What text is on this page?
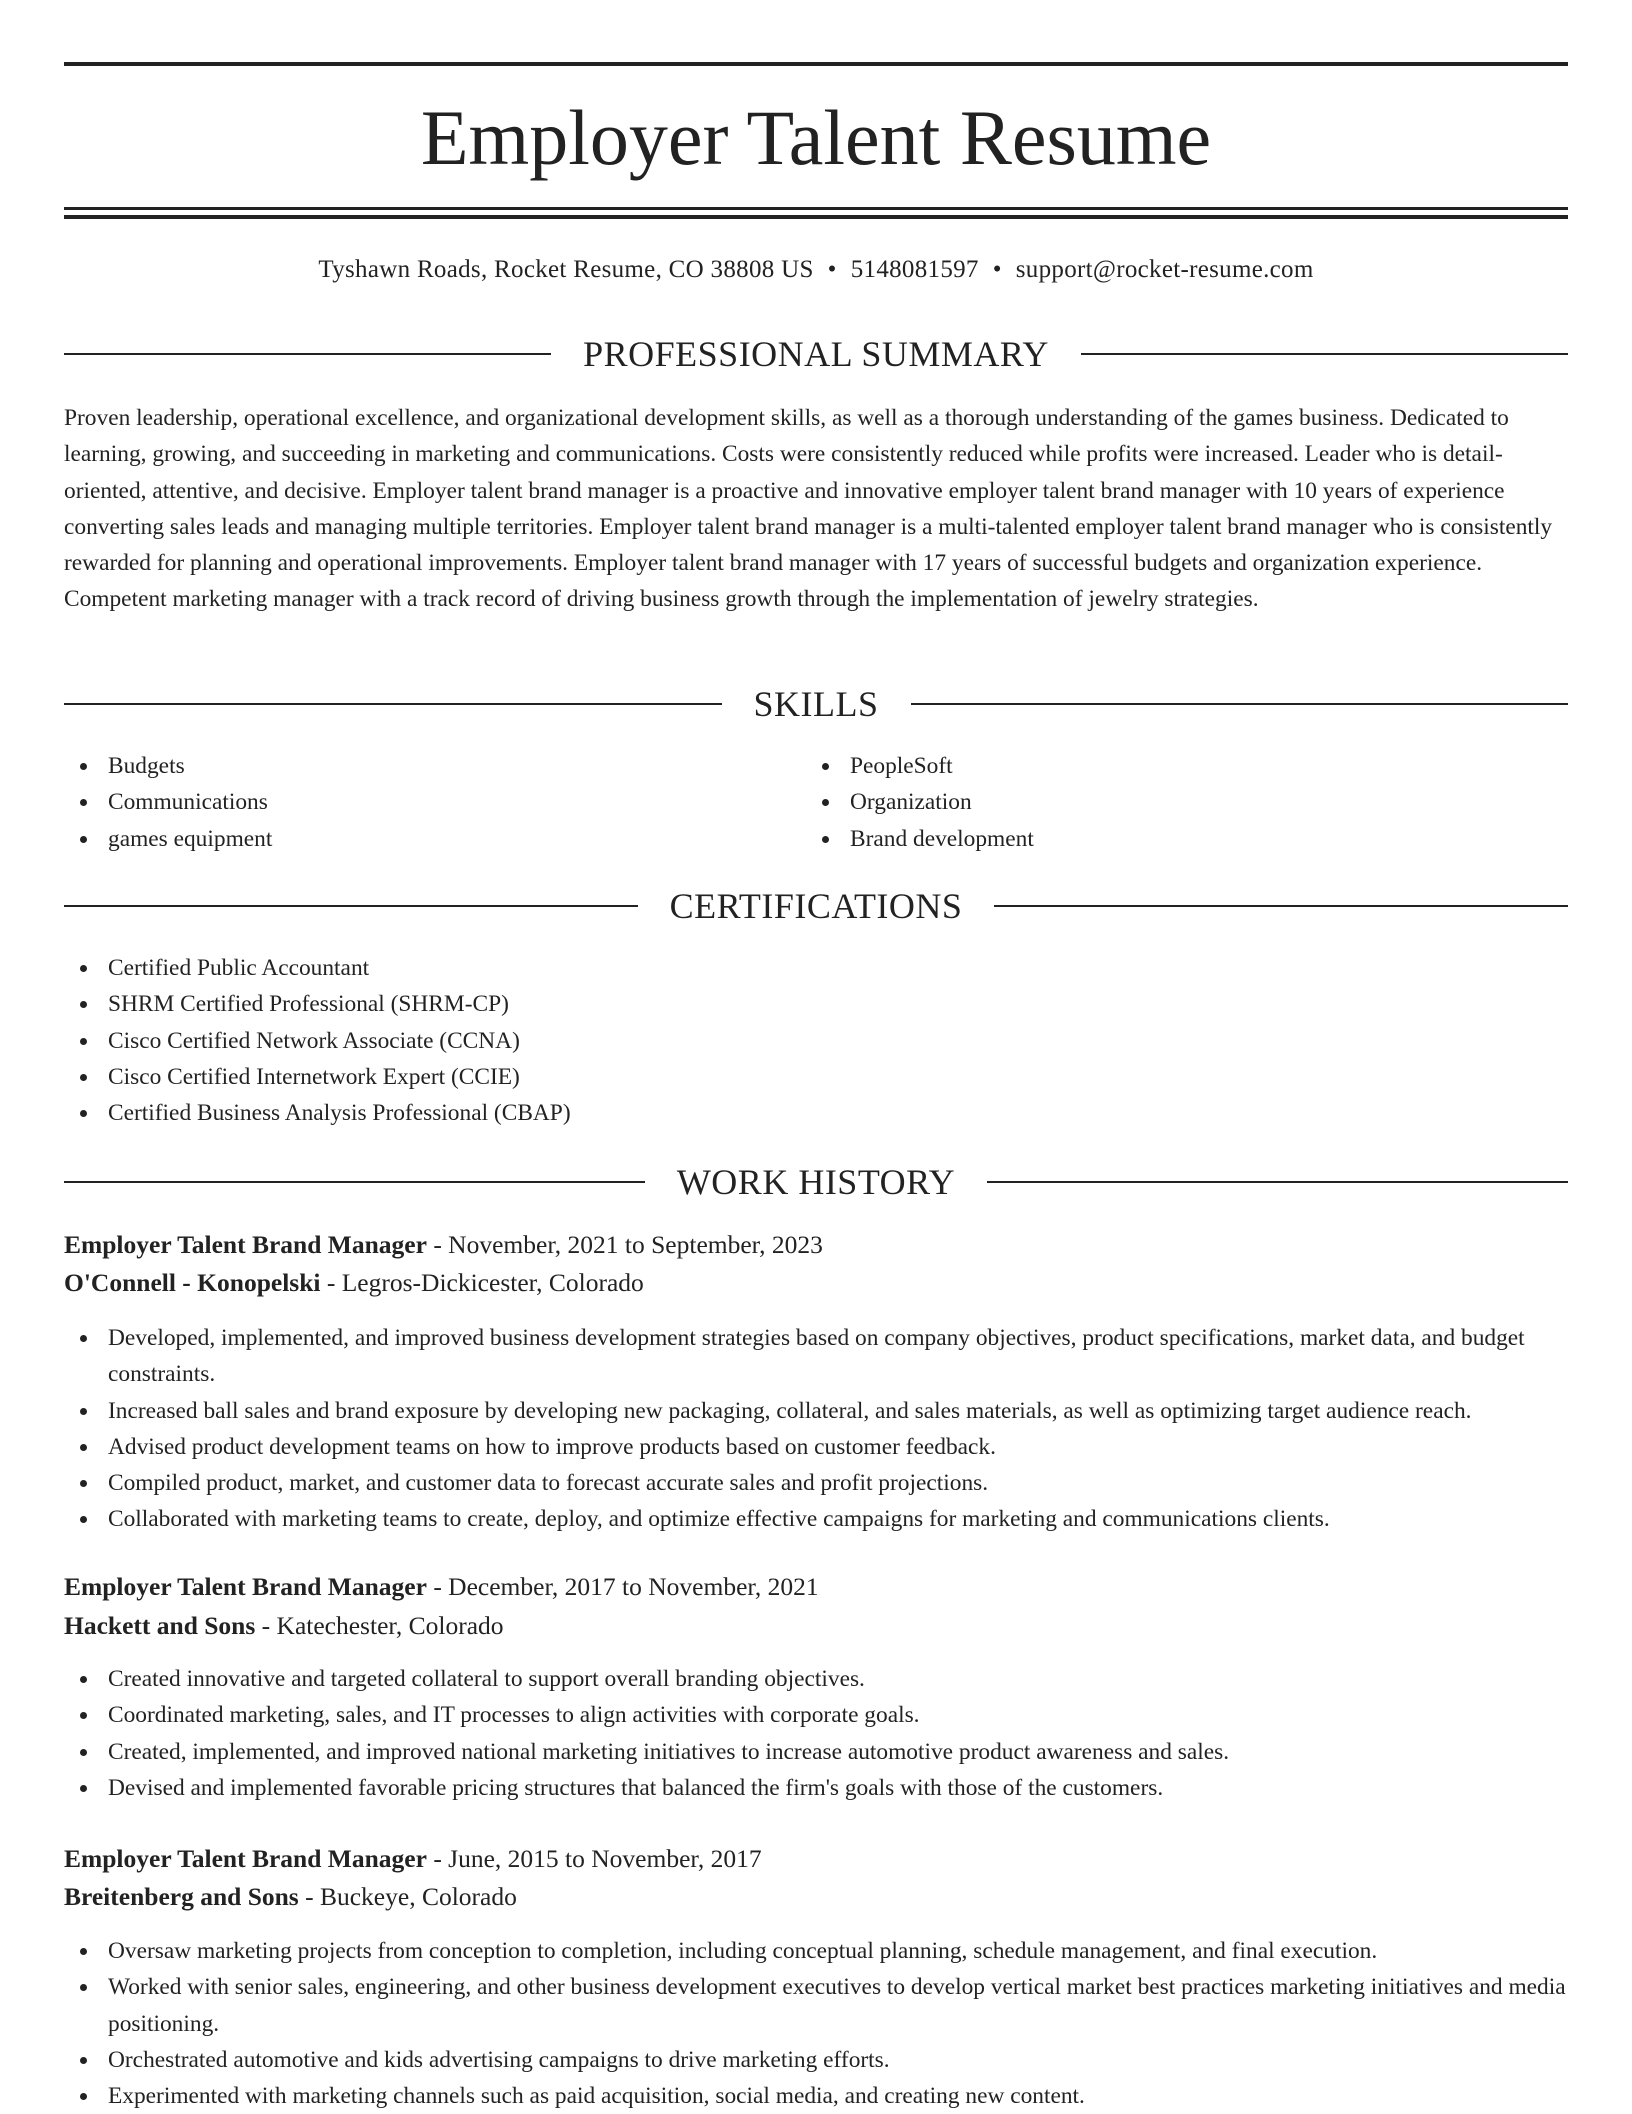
Employer Talent Resume
Tyshawn Roads, Rocket Resume, CO 38808 US • 5148081597 • support@rocket-resume.com
PROFESSIONAL SUMMARY

Proven leadership, operational excellence, and organizational development skills, as well as a thorough understanding of the games business. Dedicated to learning, growing, and succeeding in marketing and communications. Costs were consistently reduced while profits were increased. Leader who is detail-oriented, attentive, and decisive. Employer talent brand manager is a proactive and innovative employer talent brand manager with 10 years of experience converting sales leads and managing multiple territories. Employer talent brand manager is a multi-talented employer talent brand manager who is consistently rewarded for planning and operational improvements. Employer talent brand manager with 17 years of successful budgets and organization experience. Competent marketing manager with a track record of driving business growth through the implementation of jewelry strategies.

SKILLS
Budgets
Communications
games equipment
PeopleSoft
Organization
Brand development
CERTIFICATIONS
Certified Public Accountant
SHRM Certified Professional (SHRM-CP)
Cisco Certified Network Associate (CCNA)
Cisco Certified Internetwork Expert (CCIE)
Certified Business Analysis Professional (CBAP)
WORK HISTORY
Employer Talent Brand Manager - November, 2021 to September, 2023
O'Connell - Konopelski - Legros-Dickicester, Colorado
Developed, implemented, and improved business development strategies based on company objectives, product specifications, market data, and budget constraints.
Increased ball sales and brand exposure by developing new packaging, collateral, and sales materials, as well as optimizing target audience reach.
Advised product development teams on how to improve products based on customer feedback.
Compiled product, market, and customer data to forecast accurate sales and profit projections.
Collaborated with marketing teams to create, deploy, and optimize effective campaigns for marketing and communications clients.
Employer Talent Brand Manager - December, 2017 to November, 2021
Hackett and Sons - Katechester, Colorado
Created innovative and targeted collateral to support overall branding objectives.
Coordinated marketing, sales, and IT processes to align activities with corporate goals.
Created, implemented, and improved national marketing initiatives to increase automotive product awareness and sales.
Devised and implemented favorable pricing structures that balanced the firm's goals with those of the customers.
Employer Talent Brand Manager - June, 2015 to November, 2017
Breitenberg and Sons - Buckeye, Colorado
Oversaw marketing projects from conception to completion, including conceptual planning, schedule management, and final execution.
Worked with senior sales, engineering, and other business development executives to develop vertical market best practices marketing initiatives and media positioning.
Orchestrated automotive and kids advertising campaigns to drive marketing efforts.
Experimented with marketing channels such as paid acquisition, social media, and creating new content.
